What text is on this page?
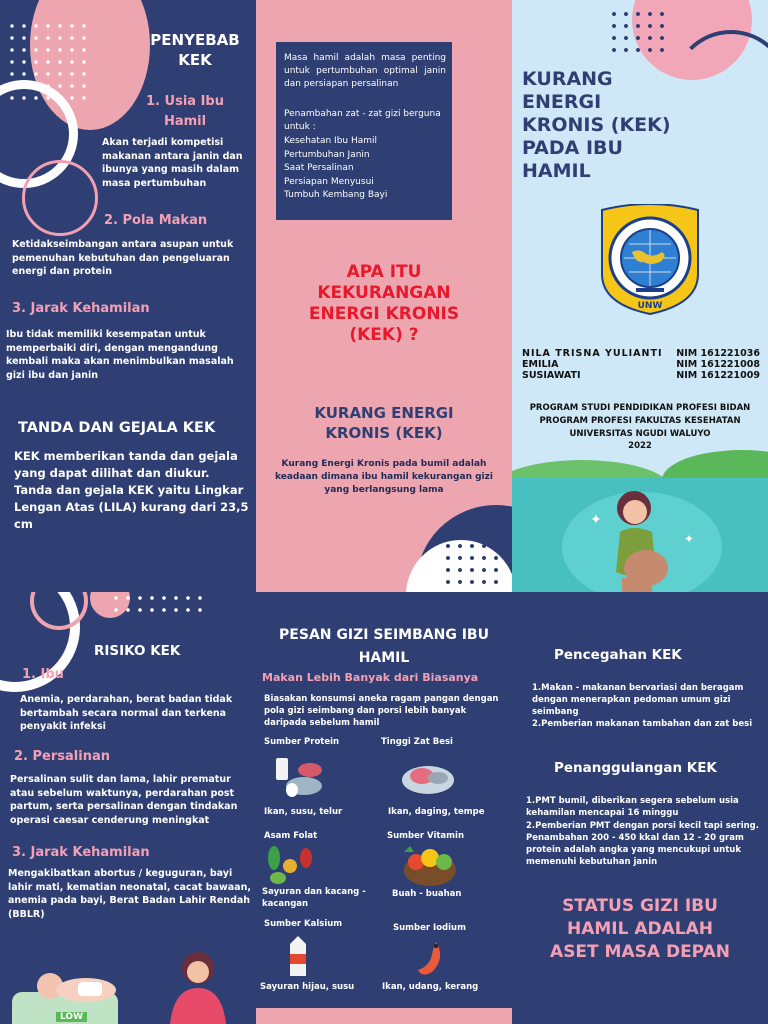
PENYEBAB KEK
1. Usia Ibu Hamil
Akan terjadi kompetisi makanan antara janin dan ibunya yang masih dalam masa pertumbuhan
2. Pola Makan
Ketidakseimbangan antara asupan untuk pemenuhan kebutuhan dan pengeluaran energi dan protein
3. Jarak Kehamilan
Ibu tidak memiliki kesempatan untuk memperbaiki diri, dengan mengandung kembali maka akan menimbulkan masalah gizi ibu dan janin
TANDA DAN GEJALA KEK
KEK memberikan tanda dan gejala yang dapat dilihat dan diukur. Tanda dan gejala KEK yaitu Lingkar Lengan Atas (LILA) kurang dari 23,5 cm
Masa hamil adalah masa penting untuk pertumbuhan optimal janin dan persiapan persalinan
Penambahan zat - zat gizi berguna untuk :
Kesehatan Ibu Hamil
Pertumbuhan Janin
Saat Persalinan
Persiapan Menyusui
Tumbuh Kembang Bayi
APA ITU KEKURANGAN ENERGI KRONIS (KEK) ?
KURANG ENERGI KRONIS (KEK)
Kurang Energi Kronis pada bumil adalah keadaan dimana ibu hamil kekurangan gizi yang berlangsung lama
KURANG ENERGI KRONIS (KEK) PADA IBU HAMIL
UNW
NILA TRISNA YULIANTI NIM 161221036
EMILIA	NIM 161221008
SUSIAWATI	NIM 161221009
PROGRAM STUDI PENDIDIKAN PROFESI BIDAN PROGRAM PROFESI FAKULTAS KESEHATAN UNIVERSITAS NGUDI WALUYO
2022
✦
✦
RISIKO KEK
1. Ibu
Anemia, perdarahan, berat badan tidak bertambah secara normal dan terkena penyakit infeksi
2. Persalinan
Persalinan sulit dan lama, lahir prematur atau sebelum waktunya, perdarahan post partum, serta persalinan dengan tindakan operasi caesar cenderung meningkat
3. Jarak Kehamilan
Mengakibatkan abortus / keguguran, bayi lahir mati, kematian neonatal, cacat bawaan, anemia pada bayi, Berat Badan Lahir Rendah (BBLR)
LOW
PESAN GIZI SEIMBANG IBU HAMIL
Makan Lebih Banyak dari Biasanya
Biasakan konsumsi aneka ragam pangan dengan pola gizi seimbang dan porsi lebih banyak daripada sebelum hamil
Sumber Protein
Ikan, susu, telur
Tinggi Zat Besi
Ikan, daging, tempe
Asam Folat
Sayuran dan kacang - kacangan
Sumber Vitamin
Buah - buahan
Sumber Kalsium
Sayuran hijau, susu
Sumber Iodium
Ikan, udang, kerang
Pencegahan KEK
1.Makan - makanan bervariasi dan beragam dengan menerapkan pedoman umum gizi seimbang
2.Pemberian makanan tambahan dan zat besi
Penanggulangan KEK
1.PMT bumil, diberikan segera sebelum usia kehamilan mencapai 16 minggu
2.Pemberian PMT dengan porsi kecil tapi sering. Penambahan 200 - 450 kkal dan 12 - 20 gram protein adalah angka yang mencukupi untuk memenuhi kebutuhan janin
STATUS GIZI IBU HAMIL ADALAH ASET MASA DEPAN
